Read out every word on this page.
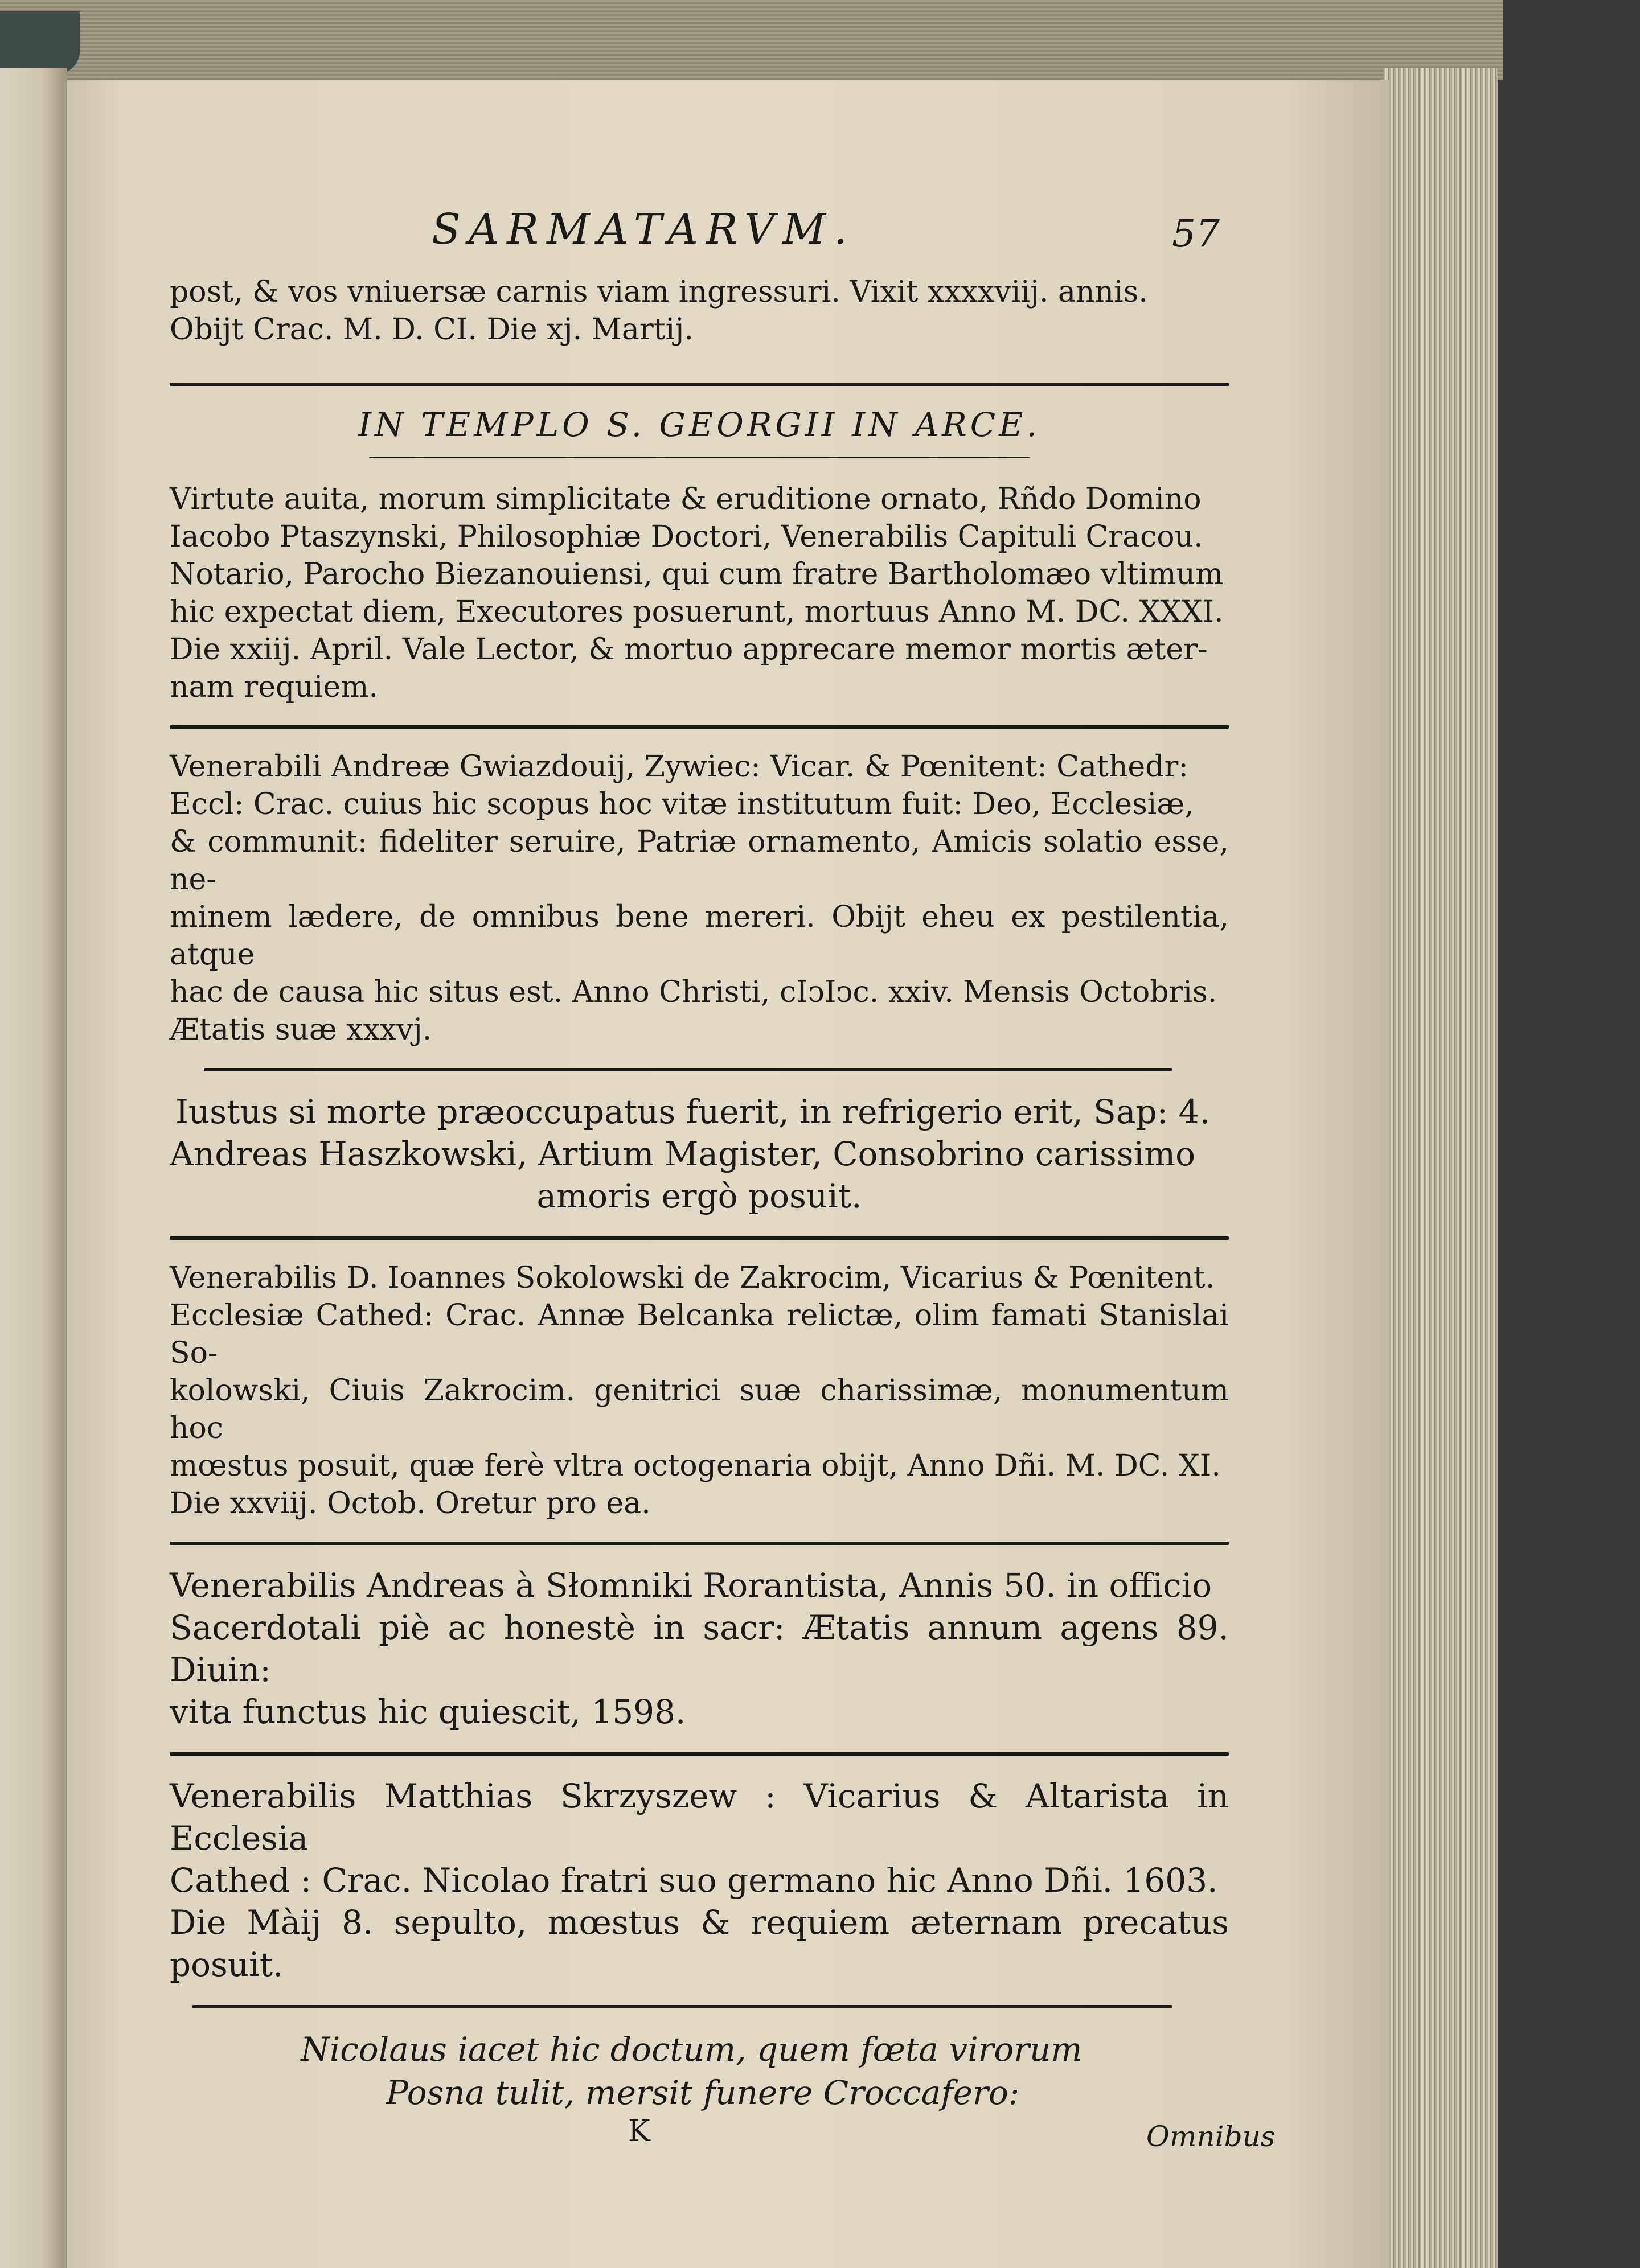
SARMATARVM.	57

post, & vos vniuersæ carnis viam ingressuri. Vixit xxxxviij. annis.

Obijt Crac. M. D. CI. Die xj. Martij.

IN TEMPLO S. GEORGII IN ARCE.

Virtute auita, morum simplicitate & eruditione ornato, Rñdo Domino

Iacobo Ptaszynski, Philosophiæ Doctori, Venerabilis Capituli Cracou.

Notario, Parocho Biezanouiensi, qui cum fratre Bartholomæo vltimum

hic expectat diem, Executores posuerunt, mortuus Anno M. DC. XXXI.

Die xxiij. April. Vale Lector, & mortuo apprecare memor mortis æter-

nam requiem.

Venerabili Andreæ Gwiazdouij, Zywiec: Vicar. & Pœnitent: Cathedr:

Eccl: Crac. cuius hic scopus hoc vitæ institutum fuit: Deo, Ecclesiæ,

& communit: fideliter seruire, Patriæ ornamento, Amicis solatio esse, ne-

minem lædere, de omnibus bene mereri. Obijt eheu ex pestilentia, atque

hac de causa hic situs est. Anno Christi, cIↄIↄc. xxiv. Mensis Octobris.

Ætatis suæ xxxvj.

Iustus si morte præoccupatus fuerit, in refrigerio erit, Sap: 4.

Andreas Haszkowski, Artium Magister, Consobrino carissimo

amoris ergò posuit.

Venerabilis D. Ioannes Sokolowski de Zakrocim, Vicarius & Pœnitent.

Ecclesiæ Cathed: Crac. Annæ Belcanka relictæ, olim famati Stanislai So-

kolowski, Ciuis Zakrocim. genitrici suæ charissimæ, monumentum hoc

mœstus posuit, quæ ferè vltra octogenaria obijt, Anno Dñi. M. DC. XI.

Die xxviij. Octob. Oretur pro ea.

Venerabilis Andreas à Słomniki Rorantista, Annis 50. in officio

Sacerdotali piè ac honestè in sacr: Ætatis annum agens 89. Diuin:

vita functus hic quiescit, 1598.

Venerabilis Matthias Skrzyszew : Vicarius & Altarista in Ecclesia

Cathed : Crac. Nicolao fratri suo germano hic Anno Dñi. 1603.

Die Màij 8. sepulto, mœstus & requiem æternam precatus posuit.

Nicolaus iacet hic doctum, quem fœta virorum
Posna tulit, mersit funere Croccafero:
K	Omnibus
